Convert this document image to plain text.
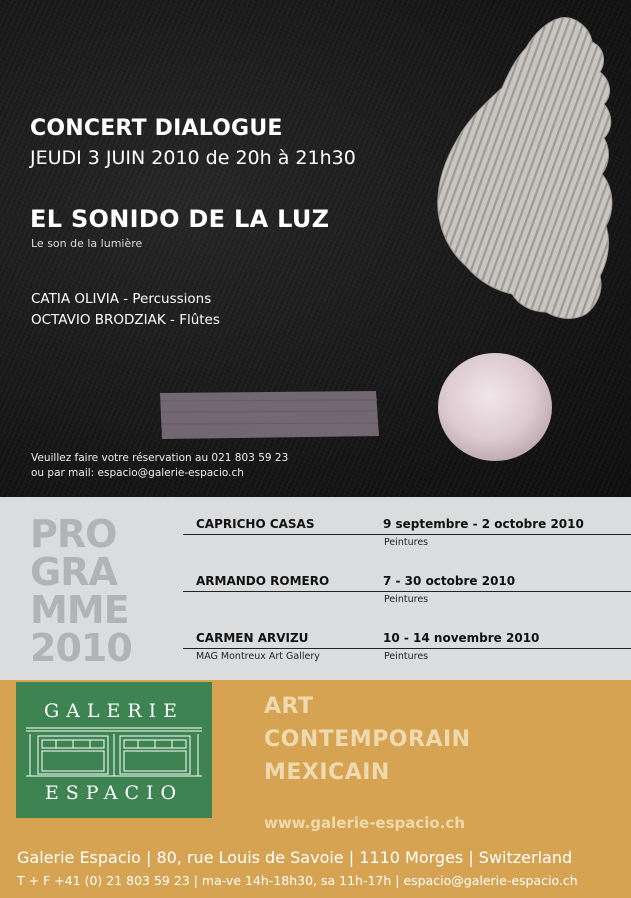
CONCERT DIALOGUE
JEUDI 3 JUIN 2010 de 20h à 21h30
EL SONIDO DE LA LUZ
Le son de la lumière
CATIA OLIVIA - Percussions
OCTAVIO BRODZIAK - Flûtes
Veuillez faire votre réservation au 021 803 59 23
ou par mail: espacio@galerie-espacio.ch
PRO
GRA
MME
2010
CAPRICHO CASAS	9 septembre - 2 octobre 2010
Peintures
ARMANDO ROMERO	7 - 30 octobre 2010
Peintures
CARMEN ARVIZU	10 - 14 novembre 2010
MAG Montreux Art Gallery	Peintures
GALERIE
ESPACIO
ART
CONTEMPORAIN
MEXICAIN
www.galerie-espacio.ch
Galerie Espacio | 80, rue Louis de Savoie | 1110 Morges | Switzerland
T + F +41 (0) 21 803 59 23 | ma-ve 14h-18h30, sa 11h-17h | espacio@galerie-espacio.ch
